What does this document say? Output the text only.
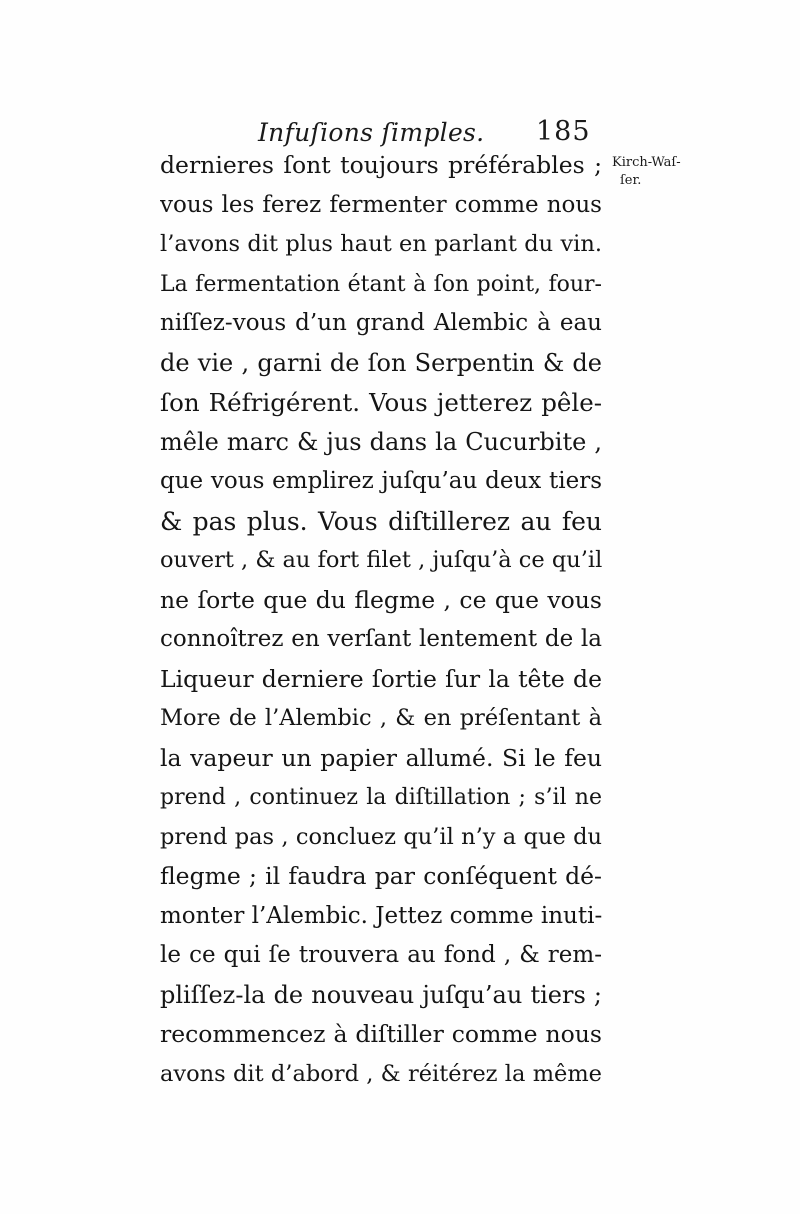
Infuſions ſimples. 185
Kirch-Waſ-
ſer.
dernieres ſont toujours préférables ;
vous les ferez fermenter comme nous
l’avons dit plus haut en parlant du vin.
La fermentation étant à ſon point, four-
niſſez-vous d’un grand Alembic à eau
de vie , garni de ſon Serpentin & de
ſon Réfrigérent. Vous jetterez pêle-
mêle marc & jus dans la Cucurbite ,
que vous emplirez juſqu’au deux tiers
& pas plus. Vous diſtillerez au feu
ouvert , & au fort filet , juſqu’à ce qu’il
ne ſorte que du flegme , ce que vous
connoîtrez en verſant lentement de la
Liqueur derniere ſortie ſur la tête de
More de l’Alembic , & en préſentant à
la vapeur un papier allumé. Si le feu
prend , continuez la diſtillation ; s’il ne
prend pas , concluez qu’il n’y a que du
flegme ; il faudra par conſéquent dé-
monter l’Alembic. Jettez comme inuti-
le ce qui ſe trouvera au fond , & rem-
pliſſez-la de nouveau juſqu’au tiers ;
recommencez à diſtiller comme nous
avons dit d’abord , & réitérez la même
